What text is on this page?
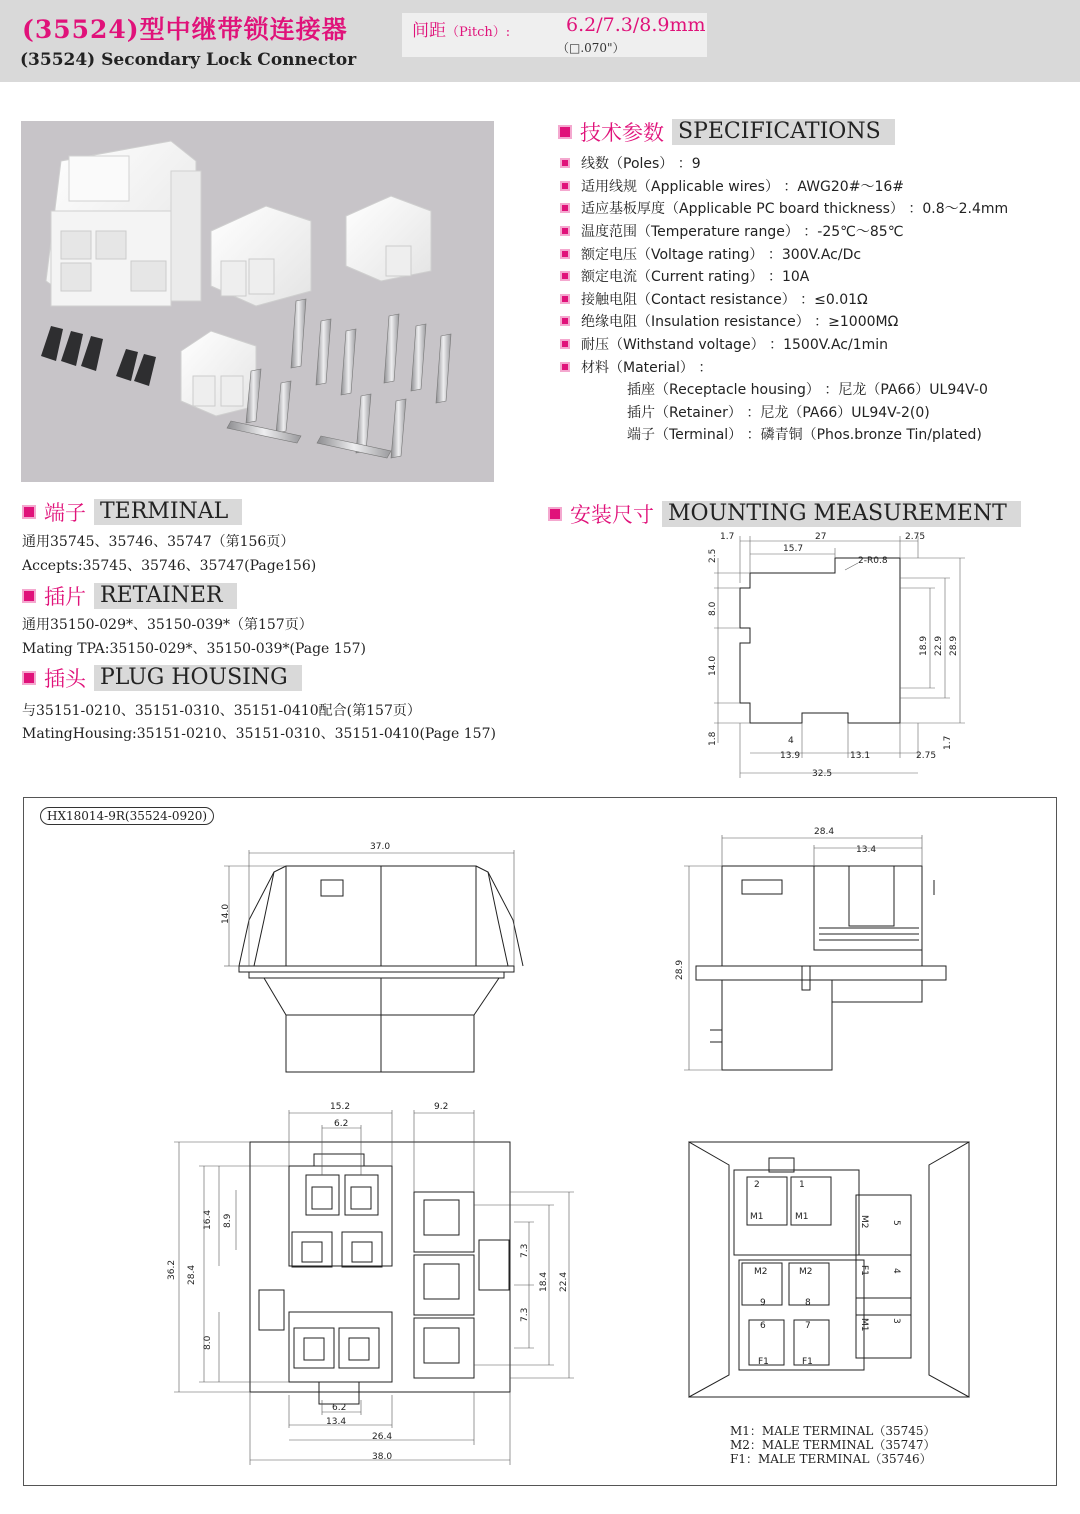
(35524)型中继带锁连接器
(35524) Secondary Lock Connector
间距（Pitch）:	6.2/7.3/8.9mm
（□.070"）
技术参数 SPECIFICATIONS
线数（Poles） ：9
适用线规（Applicable wires） ：AWG20#～16#
适应基板厚度（Applicable PC board thickness） ：0.8～2.4mm
温度范围（Temperature range） ：-25℃～85℃
额定电压（Voltage rating） ：300V.Ac/Dc
额定电流（Current rating） ：10A
接触电阻（Contact resistance） ：≤0.01Ω
绝缘电阻（Insulation resistance） ：≥1000MΩ
耐压（Withstand voltage） ：1500V.Ac/1min
材料（Material） ：
插座（Receptacle housing） ：尼龙（PA66）UL94V-0
插片（Retainer） ：尼龙（PA66）UL94V-2(0)
端子（Terminal） ：磷青铜（Phos.bronze Tin/plated)
端子 TERMINAL
通用35745、35746、35747（第156页）
Accepts:35745、35746、35747(Page156)
插片 RETAINER
通用35150-029*、35150-039*（第157页）
Mating TPA:35150-029*、35150-039*(Page 157)
插头 PLUG HOUSING
与35151-0210、35151-0310、35151-0410配合(第157页）
MatingHousing:35151-0210、35151-0310、35151-0410(Page 157)
安装尺寸 MOUNTING MEASUREMENT
1.7	27	2.75
15.7
2-R0.8
2.5
8.0
14.0
1.8
18.9 22.9 28.9
4
13.9	13.1	2.75
1.7
32.5
HX18014-9R(35524-0920)
37.0
14.0
28.4
13.4
28.9
15.2
6.2
9.2
16.4 8.9
36.2 28.4
8.0
7.3
7.3
18.4 22.4
6.2
13.4
26.4
38.0
2	1
M1	M1
M2	M2
9	8
6	7
F1	F1
5
4
3
M2
F1
M1
M1：MALE TERMINAL（35745）
M2：MALE TERMINAL（35747）
F1：MALE TERMINAL（35746）
